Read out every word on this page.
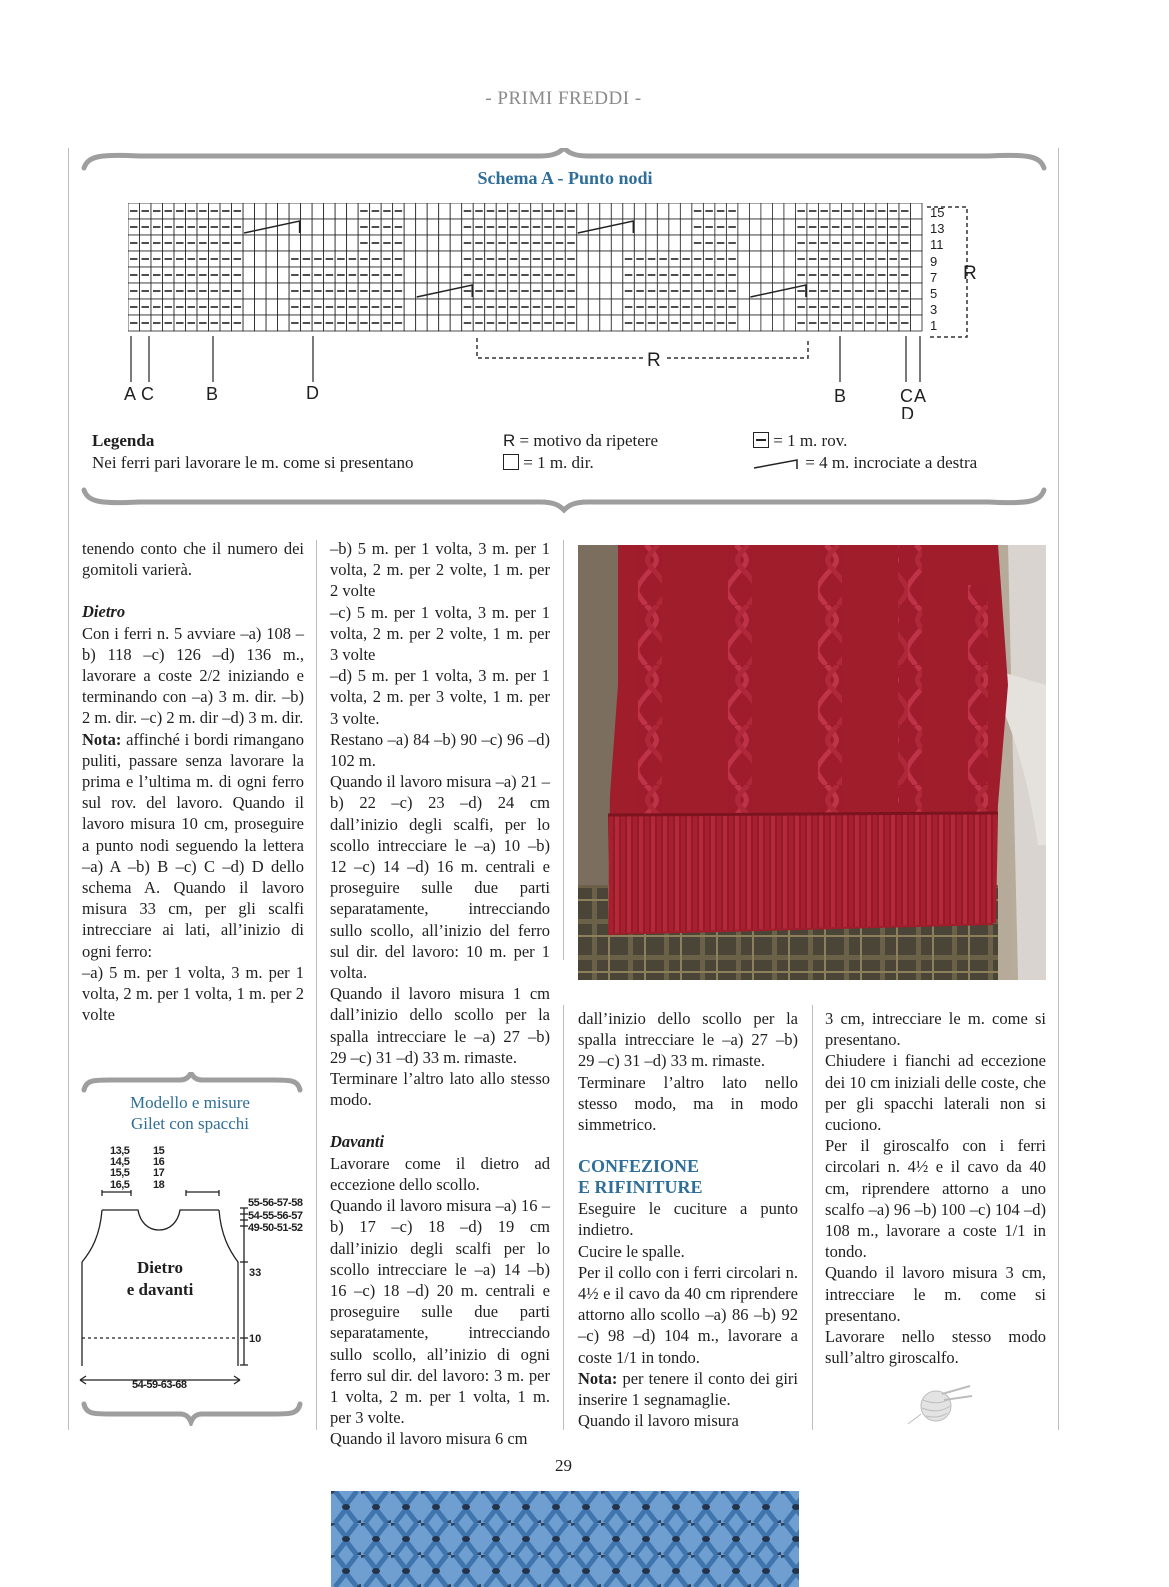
- PRIMI FREDDI -
Schema A - Punto nodi
15
13
11
9
7
5
3
1
R
R
A C	B	D	B	C A
D
Legenda
Nei ferri pari lavorare le m. come si presentano
R = motivo da ripetere
= 1 m. dir.
= 1 m. rov.
= 4 m. incrociate a destra

tenendo conto che il numero dei gomitoli varierà.

Dietro

Con i ferri n. 5 avviare –a) 108 –b) 118 –c) 126 –d) 136 m., lavorare a coste 2/2 iniziando e terminando con –a) 3 m. dir. –b) 2 m. dir. –c) 2 m. dir –d) 3 m. dir.

Nota: affinché i bordi rimangano puliti, passare senza lavorare la prima e l’ultima m. di ogni ferro sul rov. del lavoro. Quando il lavoro misura 10 cm, proseguire a punto nodi seguendo la lettera –a) A –b) B –c) C –d) D dello schema A. Quando il lavoro misura 33 cm, per gli scalfi intrecciare ai lati, all’inizio di ogni ferro:

–a) 5 m. per 1 volta, 3 m. per 1 volta, 2 m. per 1 volta, 1 m. per 2 volte

Modello e misure
Gilet con spacchi
13,5
14,5
15,5
16,5
15
16
17
18
55-56-57-58
54-55-56-57
49-50-51-52
Dietro
e davanti
33
10
54-59-63-68

–b) 5 m. per 1 volta, 3 m. per 1 volta, 2 m. per 2 volte, 1 m. per 2 volte

–c) 5 m. per 1 volta, 3 m. per 1 volta, 2 m. per 2 volte, 1 m. per 3 volte

–d) 5 m. per 1 volta, 3 m. per 1 volta, 2 m. per 3 volte, 1 m. per 3 volte.

Restano –a) 84 –b) 90 –c) 96 –d) 102 m.

Quando il lavoro misura –a) 21 –b) 22 –c) 23 –d) 24 cm dall’inizio degli scalfi, per lo scollo intrecciare le –a) 10 –b) 12 –c) 14 –d) 16 m. centrali e proseguire sulle due parti separatamente, intrecciando sullo scollo, all’inizio del ferro sul dir. del lavoro: 10 m. per 1 volta.

Quando il lavoro misura 1 cm dall’inizio dello scollo per la spalla intrecciare le –a) 27 –b) 29 –c) 31 –d) 33 m. rimaste.

Terminare l’altro lato allo stesso modo.

Davanti

Lavorare come il dietro ad eccezione dello scollo.

Quando il lavoro misura –a) 16 –b) 17 –c) 18 –d) 19 cm dall’inizio degli scalfi per lo scollo intrecciare le –a) 14 –b) 16 –c) 18 –d) 20 m. centrali e proseguire sulle due parti separatamente, intrecciando sullo scollo, all’inizio di ogni ferro sul dir. del lavoro: 3 m. per 1 volta, 2 m. per 1 volta, 1 m. per 3 volte.

Quando il lavoro misura 6 cm

dall’inizio dello scollo per la spalla intrecciare le –a) 27 –b) 29 –c) 31 –d) 33 m. rimaste.

Terminare l’altro lato nello stesso modo, ma in modo simmetrico.

CONFEZIONE
E RIFINITURE

Eseguire le cuciture a punto indietro.

Cucire le spalle.

Per il collo con i ferri circolari n. 4½ e il cavo da 40 cm riprendere attorno allo scollo –a) 86 –b) 92 –c) 98 –d) 104 m., lavorare a coste 1/1 in tondo.

Nota: per tenere il conto dei giri inserire 1 segnamaglie.

Quando il lavoro misura

3 cm, intrecciare le m. come si presentano.

Chiudere i fianchi ad eccezione dei 10 cm iniziali delle coste, che per gli spacchi laterali non si cuciono.

Per il giroscalfo con i ferri circolari n. 4½ e il cavo da 40 cm, riprendere attorno a uno scalfo –a) 96 –b) 100 –c) 104 –d) 108 m., lavorare a coste 1/1 in tondo.

Quando il lavoro misura 3 cm, intrecciare le m. come si presentano.

Lavorare nello stesso modo sull’altro giroscalfo.

29
